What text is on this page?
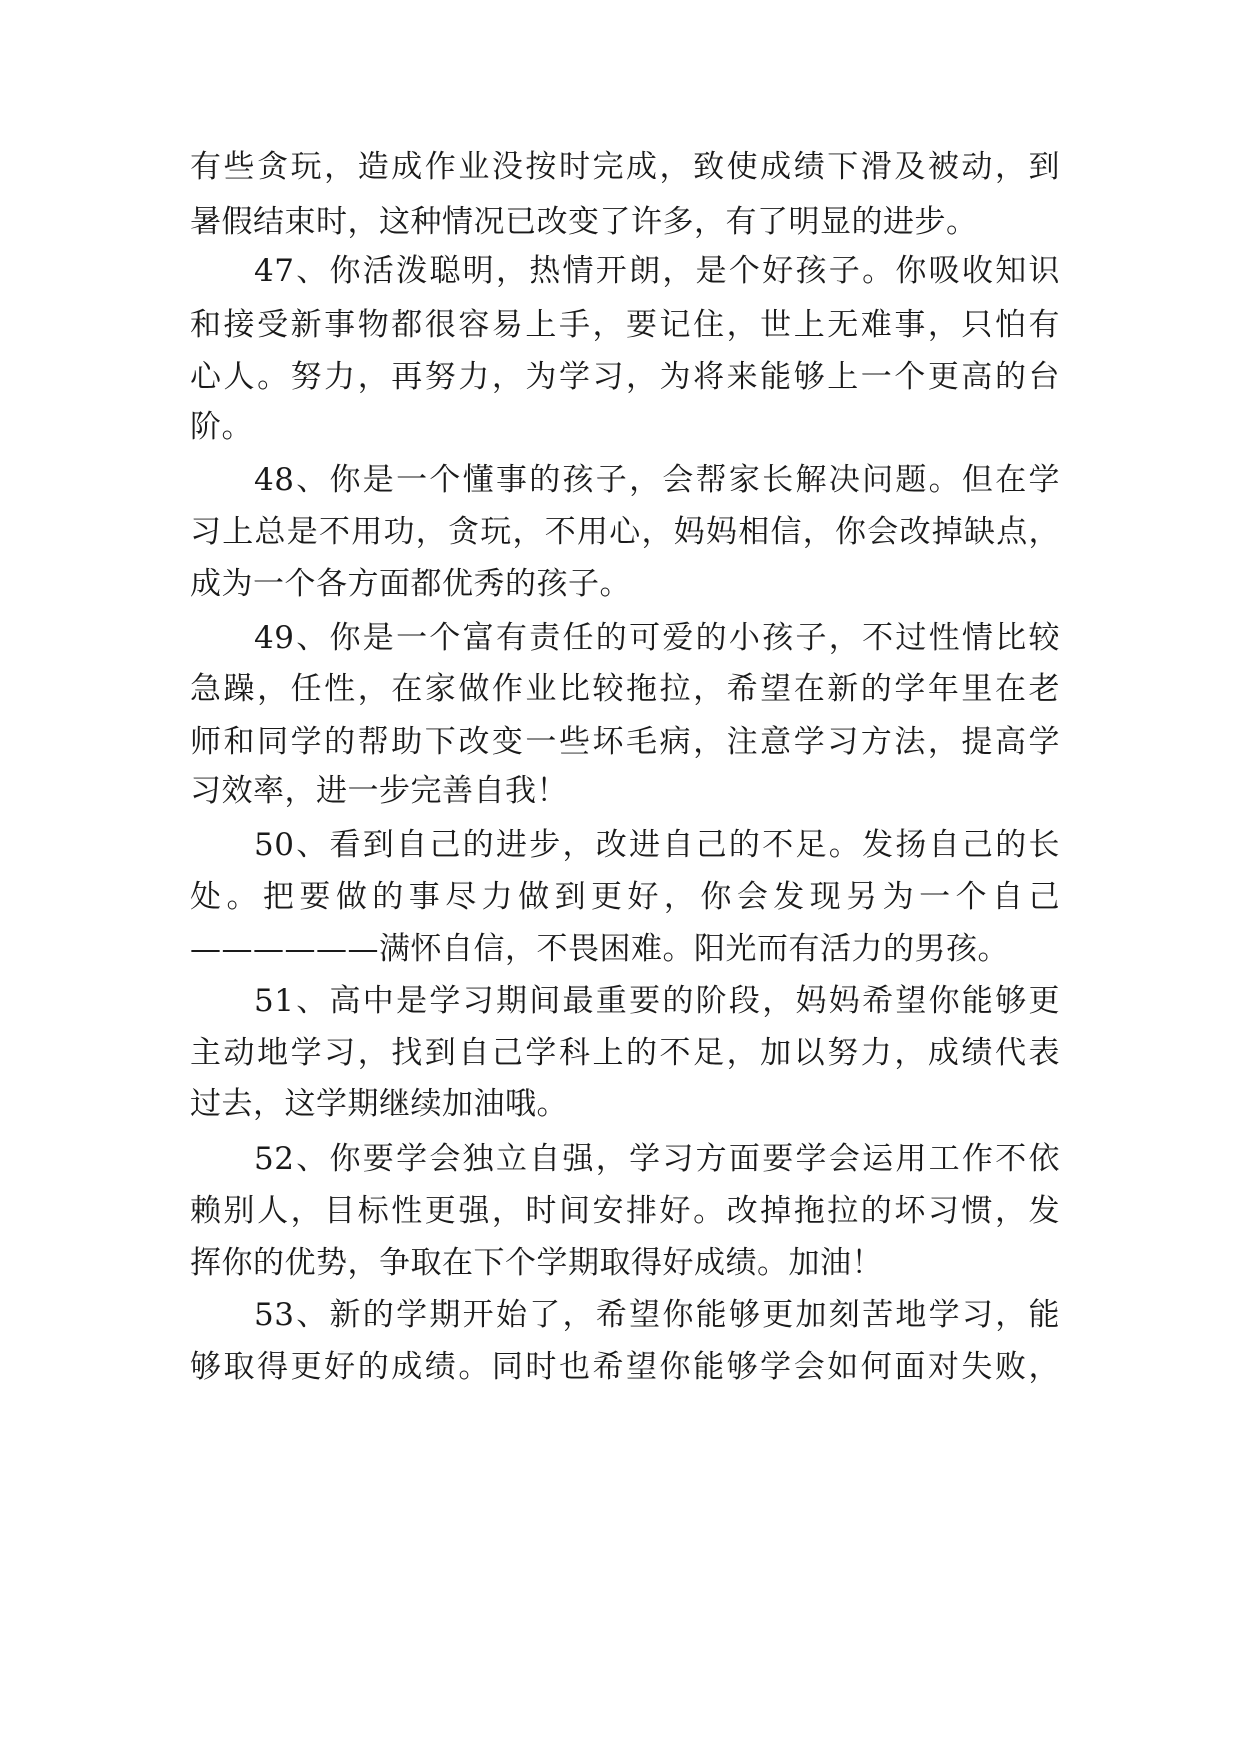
有些贪玩，造成作业没按时完成，致使成绩下滑及被动，到
暑假结束时，这种情况已改变了许多，有了明显的进步。
47、你活泼聪明，热情开朗，是个好孩子。你吸收知识
和接受新事物都很容易上手，要记住，世上无难事，只怕有
心人。努力，再努力，为学习，为将来能够上一个更高的台
阶。
48、你是一个懂事的孩子，会帮家长解决问题。但在学
习上总是不用功，贪玩，不用心，妈妈相信，你会改掉缺点，
成为一个各方面都优秀的孩子。
49、你是一个富有责任的可爱的小孩子，不过性情比较
急躁，任性，在家做作业比较拖拉，希望在新的学年里在老
师和同学的帮助下改变一些坏毛病，注意学习方法，提高学
习效率，进一步完善自我！
50、看到自己的进步，改进自己的不足。发扬自己的长
处。把要做的事尽力做到更好，你会发现另为一个自己
——————满怀自信，不畏困难。阳光而有活力的男孩。
51、高中是学习期间最重要的阶段，妈妈希望你能够更
主动地学习，找到自己学科上的不足，加以努力，成绩代表
过去，这学期继续加油哦。
52、你要学会独立自强，学习方面要学会运用工作不依
赖别人，目标性更强，时间安排好。改掉拖拉的坏习惯，发
挥你的优势，争取在下个学期取得好成绩。加油！
53、新的学期开始了，希望你能够更加刻苦地学习，能
够取得更好的成绩。同时也希望你能够学会如何面对失败，
